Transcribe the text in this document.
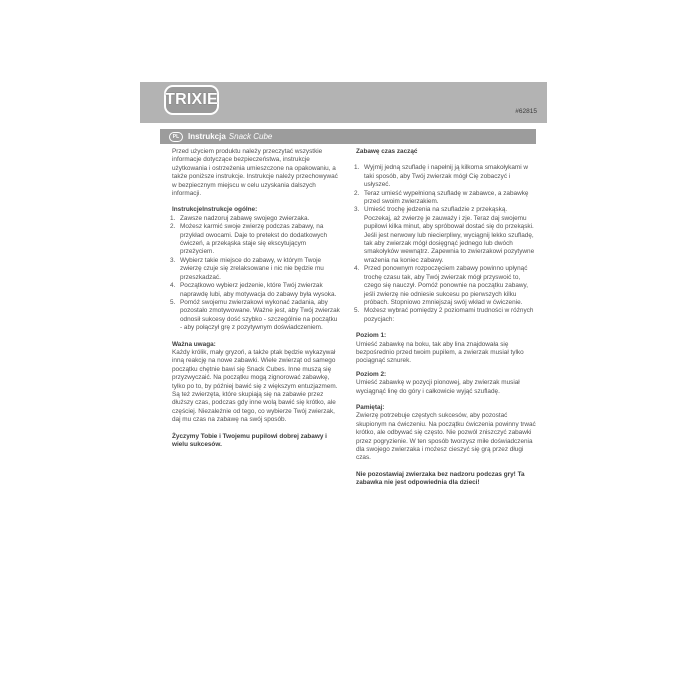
TRIXIE
#62815
PL	Instrukcja Snack Cube

Przed użyciem produktu należy przeczytać wszystkie informacje dotyczące bezpieczeństwa, instrukcje użytkowania i ostrzeżenia umieszczone na opakowaniu, a także poniższe instrukcje. Instrukcje należy przechowywać w bezpiecznym miejscu w celu uzyskania dalszych informacji.

InstrukcjeInstrukcje ogólne:

1. Zawsze nadzoruj zabawę swojego zwierzaka.
2. Możesz karmić swoje zwierzę podczas zabawy, na przykład owocami. Daje to pretekst do dodatkowych ćwiczeń, a przekąska staje się ekscytującym przeżyciem.
3. Wybierz takie miejsce do zabawy, w którym Twoje zwierzę czuje się zrelaksowane i nic nie będzie mu przeszkadzać.
4. Początkowo wybierz jedzenie, które Twój zwierzak naprawdę lubi, aby motywacja do zabawy była wysoka.
5. Pomóż swojemu zwierzakowi wykonać zadania, aby pozostało zmotywowane. Ważne jest, aby Twój zwierzak odnosił sukcesy dość szybko - szczególnie na początku - aby połączył grę z pozytywnym doświadczeniem.

Ważna uwaga:

Każdy królik, mały gryzoń, a także ptak będzie wykazywał inną reakcję na nowe zabawki. Wiele zwierząt od samego początku chętnie bawi się Snack Cubes. Inne muszą się przyzwyczaić. Na początku mogą zignorować zabawkę, tylko po to, by później bawić się z większym entuzjazmem. Są też zwierzęta, które skupiają się na zabawie przez dłuższy czas, podczas gdy inne wolą bawić się krótko, ale częściej. Niezależnie od tego, co wybierze Twój zwierzak, daj mu czas na zabawę na swój sposób.

Życzymy Tobie i Twojemu pupilowi dobrej zabawy i wielu sukcesów.

Zabawę czas zacząć

1. Wyjmij jedną szufladę i napełnij ją kilkoma smakołykami w taki sposób, aby Twój zwierzak mógł Cię zobaczyć i usłyszeć.
2. Teraz umieść wypełnioną szufladę w zabawce, a zabawkę przed swoim zwierzakiem.
3. Umieść trochę jedzenia na szufladzie z przekąską. Poczekaj, aż zwierzę je zauważy i zje. Teraz daj swojemu pupilowi kilka minut, aby spróbował dostać się do przekąski. Jeśli jest nerwowy lub niecierpliwy, wyciągnij lekko szufladę, tak aby zwierzak mógł dosięgnąć jednego lub dwóch smakołyków wewnątrz. Zapewnia to zwierzakowi pozytywne wrażenia na koniec zabawy.
4. Przed ponownym rozpoczęciem zabawy powinno upłynąć trochę czasu tak, aby Twój zwierzak mógł przyswoić to, czego się nauczył. Pomóż ponownie na początku zabawy, jeśli zwierzę nie odniesie sukcesu po pierwszych kilku próbach. Stopniowo zmniejszaj swój wkład w ćwiczenie.
5. Możesz wybrać pomiędzy 2 poziomami trudności w różnych pozycjach:

Poziom 1:

Umieść zabawkę na boku, tak aby lina znajdowała się bezpośrednio przed twoim pupilem, a zwierzak musiał tylko pociągnąć sznurek.

Poziom 2:

Umieść zabawkę w pozycji pionowej, aby zwierzak musiał wyciągnąć linę do góry i całkowicie wyjąć szufladę.

Pamiętaj:

Zwierzę potrzebuje częstych sukcesów, aby pozostać skupionym na ćwiczeniu. Na początku ćwiczenia powinny trwać krótko, ale odbywać się często. Nie pozwól zniszczyć zabawki przez pogryzienie. W ten sposób tworzysz miłe doświadczenia dla swojego zwierzaka i możesz cieszyć się grą przez długi czas.

Nie pozostawiaj zwierzaka bez nadzoru podczas gry! Ta zabawka nie jest odpowiednia dla dzieci!
